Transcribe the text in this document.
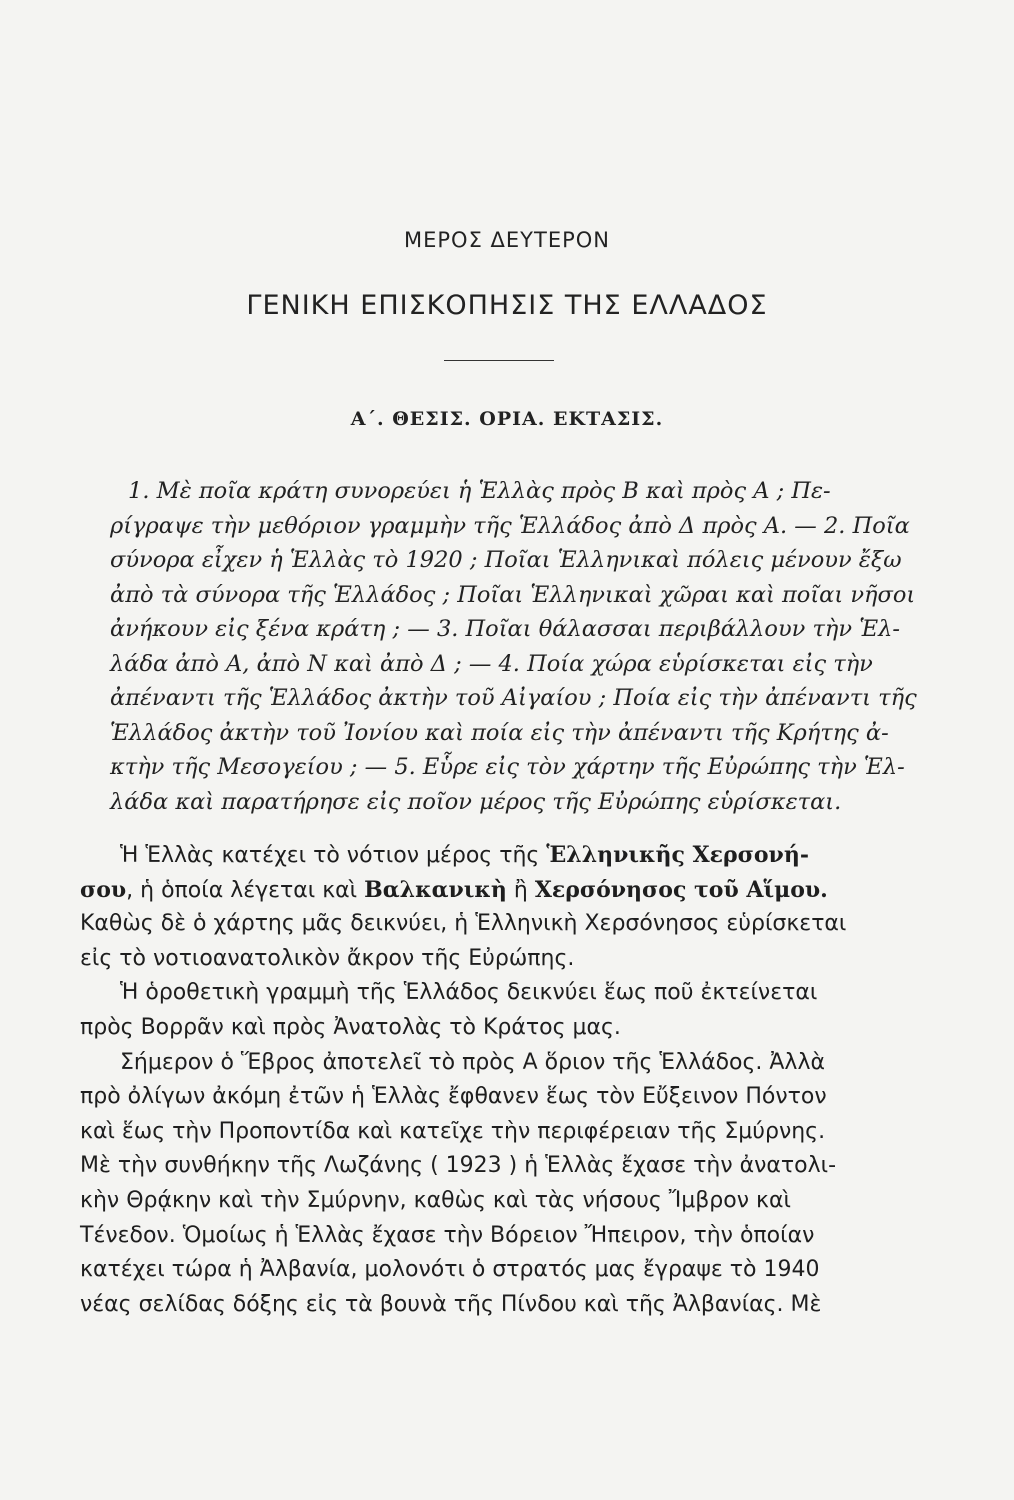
ΜΕΡΟΣ ΔΕΥΤΕΡΟΝ
ΓΕΝΙΚΗ ΕΠΙΣΚΟΠΗΣΙΣ ΤΗΣ ΕΛΛΑΔΟΣ
Α΄. ΘΕΣΙΣ. ΟΡΙΑ. ΕΚΤΑΣΙΣ.
1. Μὲ ποῖα κράτη συνορεύει ἡ Ἑλλὰς πρὸς Β καὶ πρὸς Α ; Πε-
ρίγραψε τὴν μεθόριον γραμμὴν τῆς Ἑλλάδος ἀπὸ Δ πρὸς Α. — 2. Ποῖα
σύνορα εἶχεν ἡ Ἑλλὰς τὸ 1920 ; Ποῖαι Ἑλληνικαὶ πόλεις μένουν ἔξω
ἀπὸ τὰ σύνορα τῆς Ἑλλάδος ; Ποῖαι Ἑλληνικαὶ χῶραι καὶ ποῖαι νῆσοι
ἀνήκουν εἰς ξένα κράτη ; — 3. Ποῖαι θάλασσαι περιβάλλουν τὴν Ἑλ-
λάδα ἀπὸ Α, ἀπὸ Ν καὶ ἀπὸ Δ ; — 4. Ποία χώρα εὑρίσκεται εἰς τὴν
ἀπέναντι τῆς Ἑλλάδος ἀκτὴν τοῦ Αἰγαίου ; Ποία εἰς τὴν ἀπέναντι τῆς
Ἑλλάδος ἀκτὴν τοῦ Ἰονίου καὶ ποία εἰς τὴν ἀπέναντι τῆς Κρήτης ἀ-
κτὴν τῆς Μεσογείου ; — 5. Εὗρε εἰς τὸν χάρτην τῆς Εὐρώπης τὴν Ἑλ-
λάδα καὶ παρατήρησε εἰς ποῖον μέρος τῆς Εὐρώπης εὑρίσκεται.
Ἡ Ἑλλὰς κατέχει τὸ νότιον μέρος τῆς Ἑλληνικῆς Χερσονή-
σου, ἡ ὁποία λέγεται καὶ Βαλκανικὴ ἢ Χερσόνησος τοῦ Αἵμου.
Καθὼς δὲ ὁ χάρτης μᾶς δεικνύει, ἡ Ἑλληνικὴ Χερσόνησος εὑρίσκεται
εἰς τὸ νοτιοανατολικὸν ἄκρον τῆς Εὐρώπης.
Ἡ ὁροθετικὴ γραμμὴ τῆς Ἑλλάδος δεικνύει ἕως ποῦ ἐκτείνεται
πρὸς Βορρᾶν καὶ πρὸς Ἀνατολὰς τὸ Κράτος μας.
Σήμερον ὁ Ἕβρος ἀποτελεῖ τὸ πρὸς Α ὅριον τῆς Ἑλλάδος. Ἀλλὰ
πρὸ ὀλίγων ἀκόμη ἐτῶν ἡ Ἑλλὰς ἔφθανεν ἕως τὸν Εὔξεινον Πόντον
καὶ ἕως τὴν Προποντίδα καὶ κατεῖχε τὴν περιφέρειαν τῆς Σμύρνης.
Μὲ τὴν συνθήκην τῆς Λωζάνης ( 1923 ) ἡ Ἑλλὰς ἔχασε τὴν ἀνατολι-
κὴν Θρᾴκην καὶ τὴν Σμύρνην, καθὼς καὶ τὰς νήσους Ἴμβρον καὶ
Τένεδον. Ὁμοίως ἡ Ἑλλὰς ἔχασε τὴν Βόρειον Ἤπειρον, τὴν ὁποίαν
κατέχει τώρα ἡ Ἀλβανία, μολονότι ὁ στρατός μας ἔγραψε τὸ 1940
νέας σελίδας δόξης εἰς τὰ βουνὰ τῆς Πίνδου καὶ τῆς Ἀλβανίας. Μὲ
